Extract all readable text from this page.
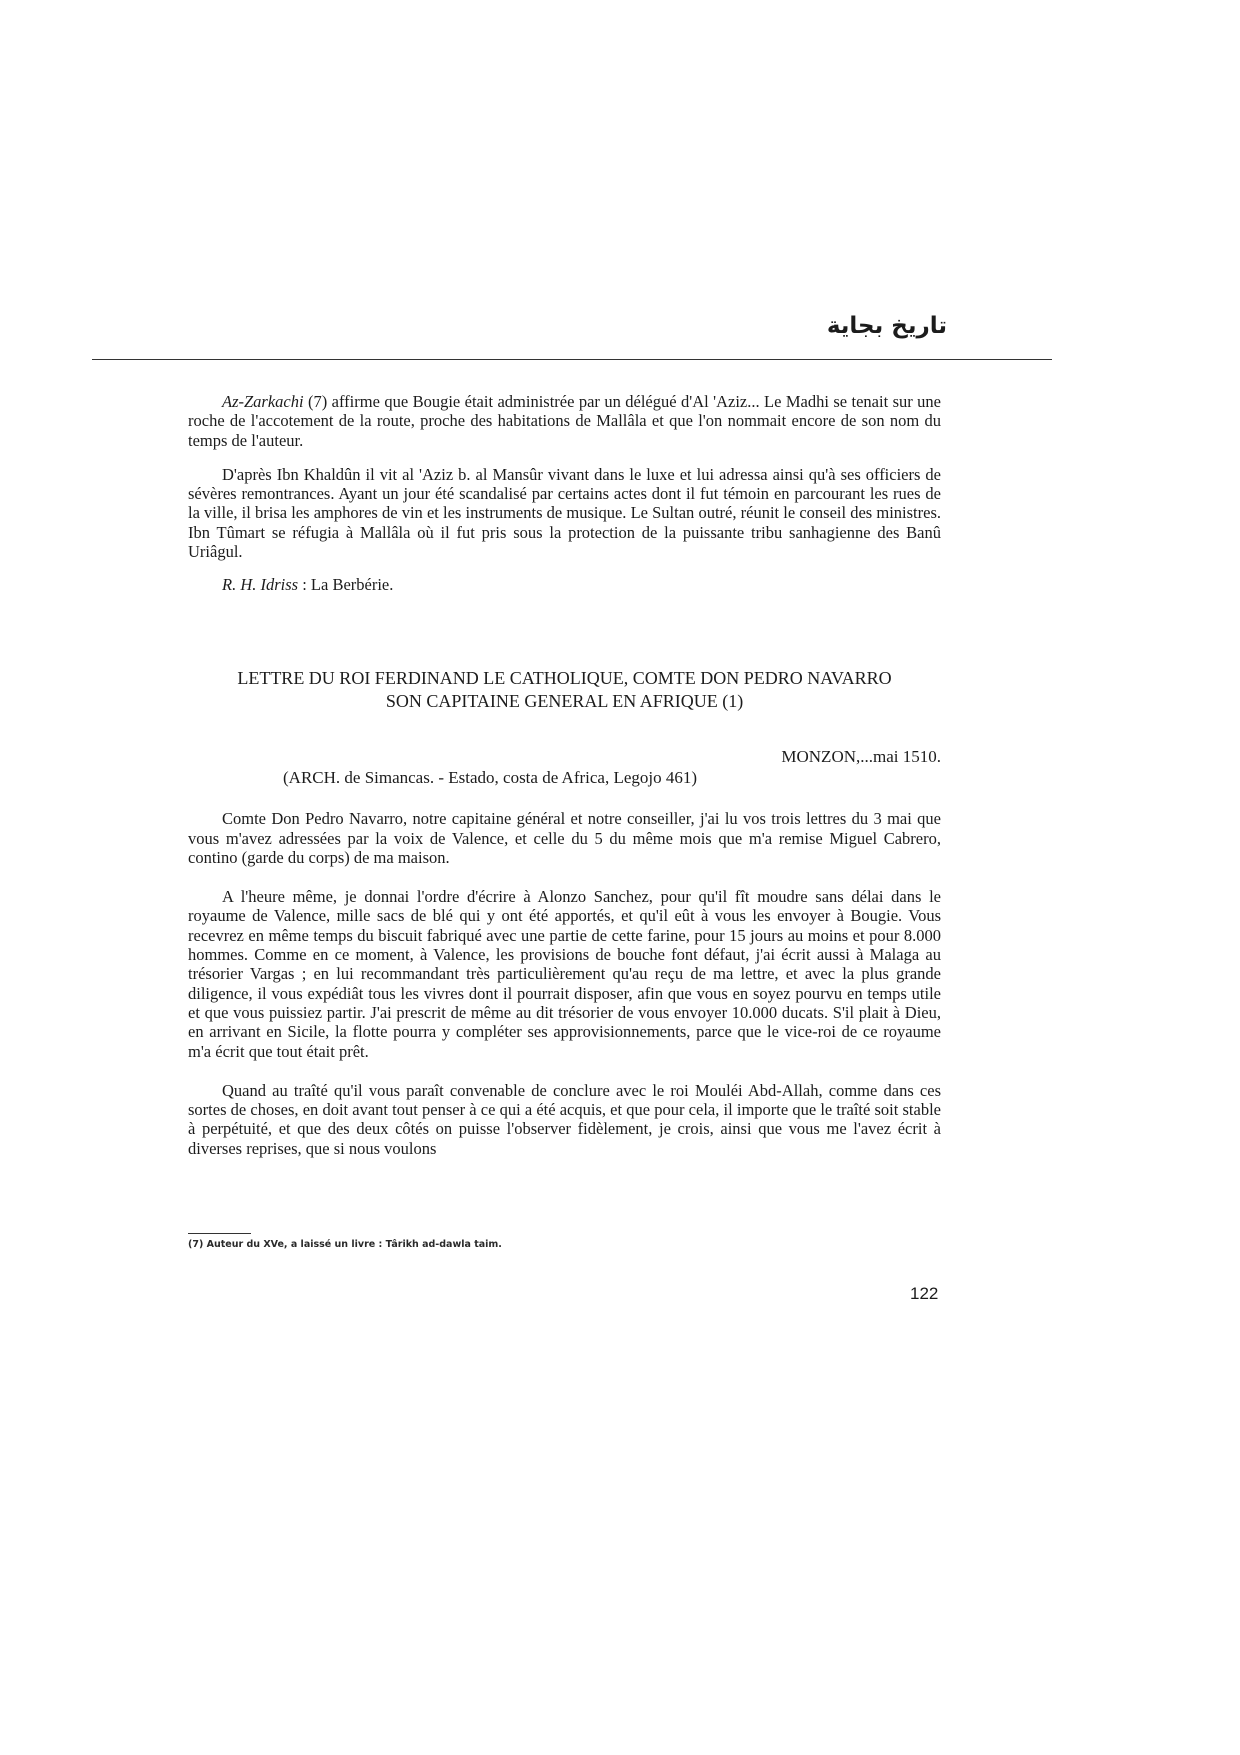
تاريخ بجاية

Az-Zarkachi (7) affirme que Bougie était administrée par un délégué d'Al 'Aziz... Le Madhi se tenait sur une roche de l'accotement de la route, proche des habitations de Mallâla et que l'on nommait encore de son nom du temps de l'auteur.

D'après Ibn Khaldûn il vit al 'Aziz b. al Mansûr vivant dans le luxe et lui adressa ainsi qu'à ses officiers de sévères remontrances. Ayant un jour été scandalisé par certains actes dont il fut témoin en parcourant les rues de la ville, il brisa les amphores de vin et les instruments de musique. Le Sultan outré, réunit le conseil des ministres. Ibn Tûmart se réfugia à Mallâla où il fut pris sous la protection de la puissante tribu sanhagienne des Banû Uriâgul.

R. H. Idriss : La Berbérie.

LETTRE DU ROI FERDINAND LE CATHOLIQUE, COMTE DON PEDRO NAVARRO
SON CAPITAINE GENERAL EN AFRIQUE (1)
MONZON,...mai 1510.
(ARCH. de Simancas. - Estado, costa de Africa, Legojo 461)

Comte Don Pedro Navarro, notre capitaine général et notre conseiller, j'ai lu vos trois lettres du 3 mai que vous m'avez adressées par la voix de Valence, et celle du 5 du même mois que m'a remise Miguel Cabrero, contino (garde du corps) de ma maison.

A l'heure même, je donnai l'ordre d'écrire à Alonzo Sanchez, pour qu'il fît moudre sans délai dans le royaume de Valence, mille sacs de blé qui y ont été apportés, et qu'il eût à vous les envoyer à Bougie. Vous recevrez en même temps du biscuit fabriqué avec une partie de cette farine, pour 15 jours au moins et pour 8.000 hommes. Comme en ce moment, à Valence, les provisions de bouche font défaut, j'ai écrit aussi à Malaga au trésorier Vargas ; en lui recommandant très particulièrement qu'au reçu de ma lettre, et avec la plus grande diligence, il vous expédiât tous les vivres dont il pourrait disposer, afin que vous en soyez pourvu en temps utile et que vous puissiez partir. J'ai prescrit de même au dit trésorier de vous envoyer 10.000 ducats. S'il plait à Dieu, en arrivant en Sicile, la flotte pourra y compléter ses approvisionnements, parce que le vice-roi de ce royaume m'a écrit que tout était prêt.

Quand au traîté qu'il vous paraît convenable de conclure avec le roi Mouléi Abd-Allah, comme dans ces sortes de choses, en doit avant tout penser à ce qui a été acquis, et que pour cela, il importe que le traîté soit stable à perpétuité, et que des deux côtés on puisse l'observer fidèlement, je crois, ainsi que vous me l'avez écrit à diverses reprises, que si nous voulons

(7) Auteur du XVe, a laissé un livre : Târikh ad-dawla taim.
122
